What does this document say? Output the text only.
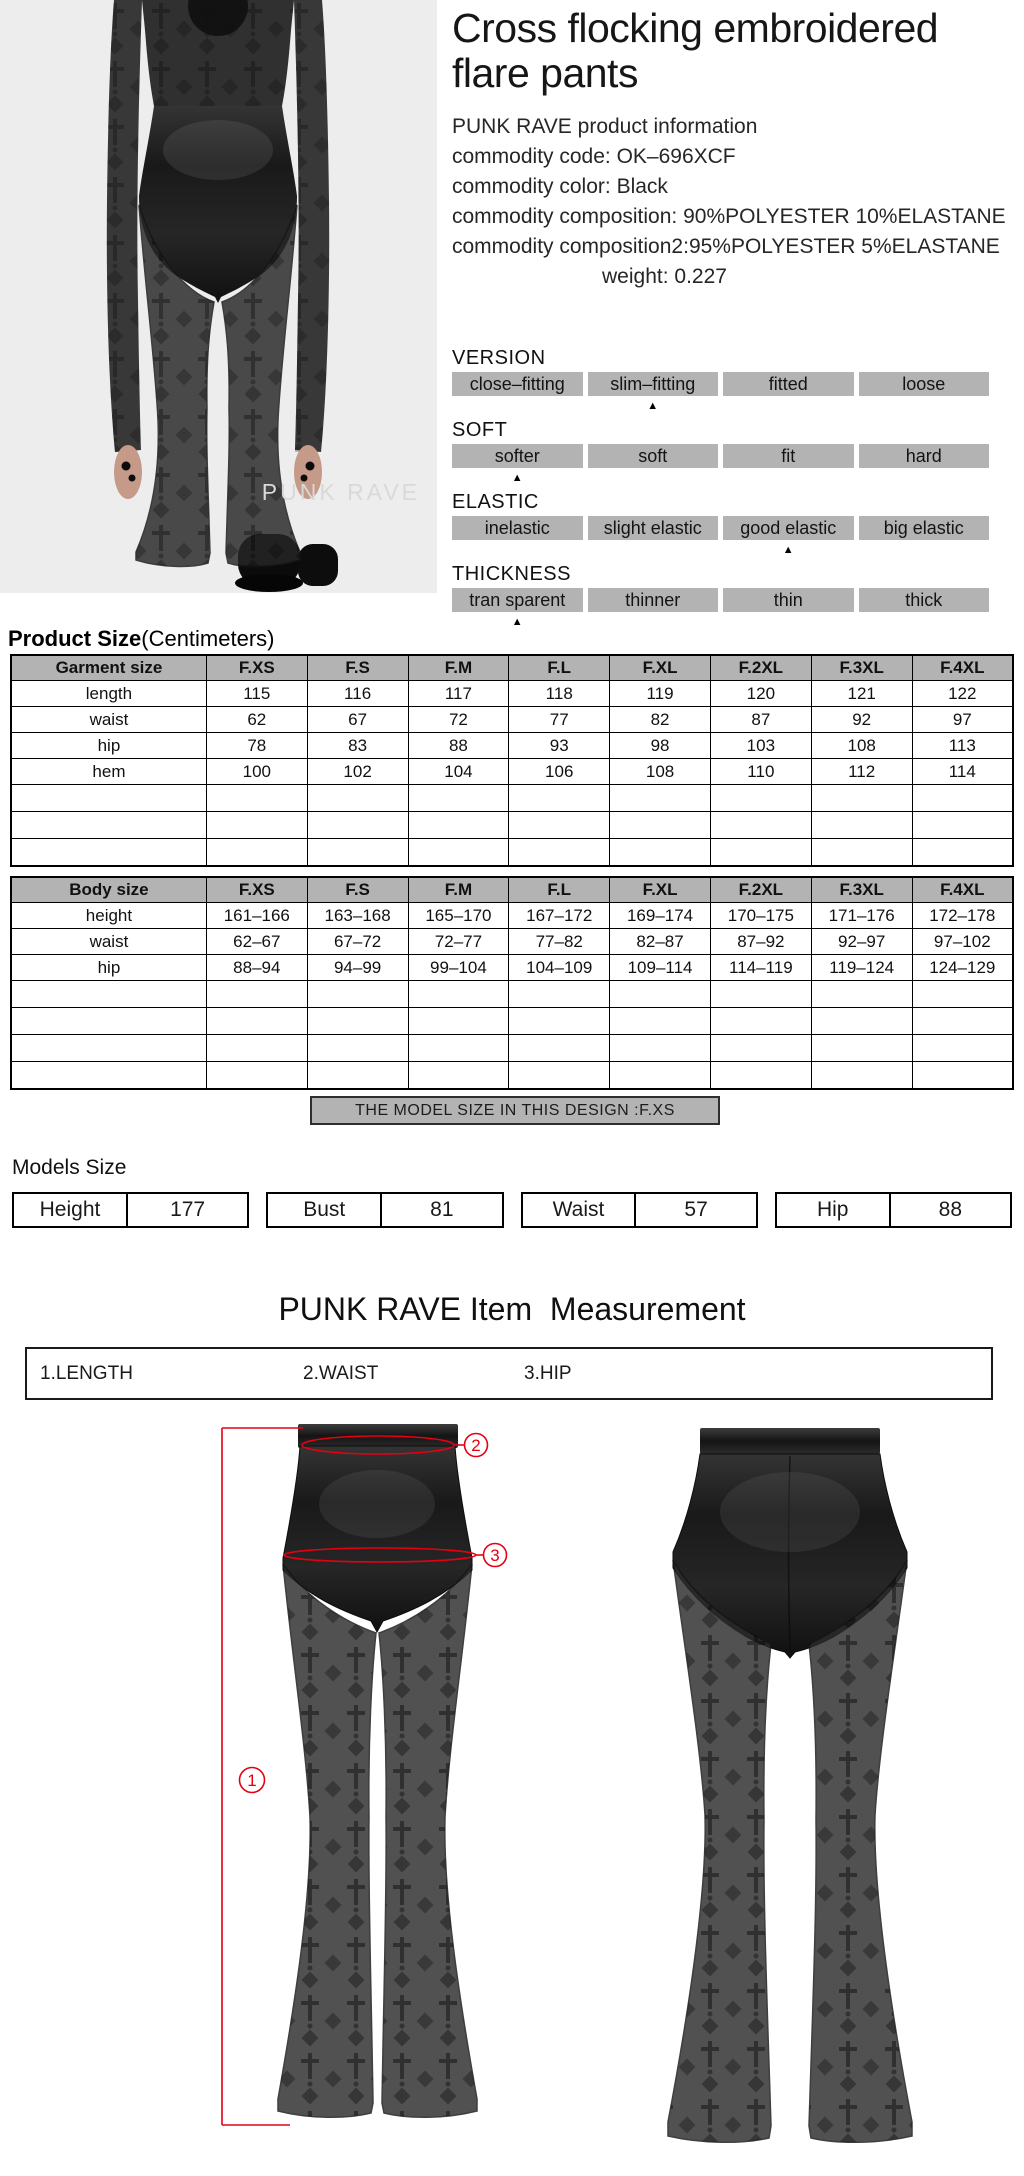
PUNK RAVE
Cross flocking embroidered
flare pants
PUNK RAVE product information
commodity code: OK–696XCF
commodity color: Black
commodity composition: 90%POLYESTER 10%ELASTANE
commodity composition2:95%POLYESTER 5%ELASTANE
weight: 0.227
VERSION
close–fitting	slim–fitting	fitted	loose
▲
SOFT
softer	soft	fit	hard
▲
ELASTIC
inelastic	slight elastic	good elastic	big elastic
▲
THICKNESS
tran sparent	thinner	thin	thick
▲
Product Size(Centimeters)
Garment size	F.XS	F.S	F.M	F.L	F.XL	F.2XL	F.3XL	F.4XL
length	115	116	117	118	119	120	121	122
waist	62	67	72	77	82	87	92	97
hip	78	83	88	93	98	103	108	113
hem	100	102	104	106	108	110	112	114

Body size	F.XS	F.S	F.M	F.L	F.XL	F.2XL	F.3XL	F.4XL
height	161–166	163–168	165–170	167–172	169–174	170–175	171–176	172–178
waist	62–67	67–72	72–77	77–82	82–87	87–92	92–97	97–102
hip	88–94	94–99	99–104	104–109	109–114	114–119	119–124	124–129

THE MODEL SIZE IN THIS DESIGN :F.XS
Models Size
Height	177	Bust	81	Waist	57	Hip	88
PUNK RAVE Item  Measurement
1.LENGTH	2.WAIST	3.HIP
1
2
3
